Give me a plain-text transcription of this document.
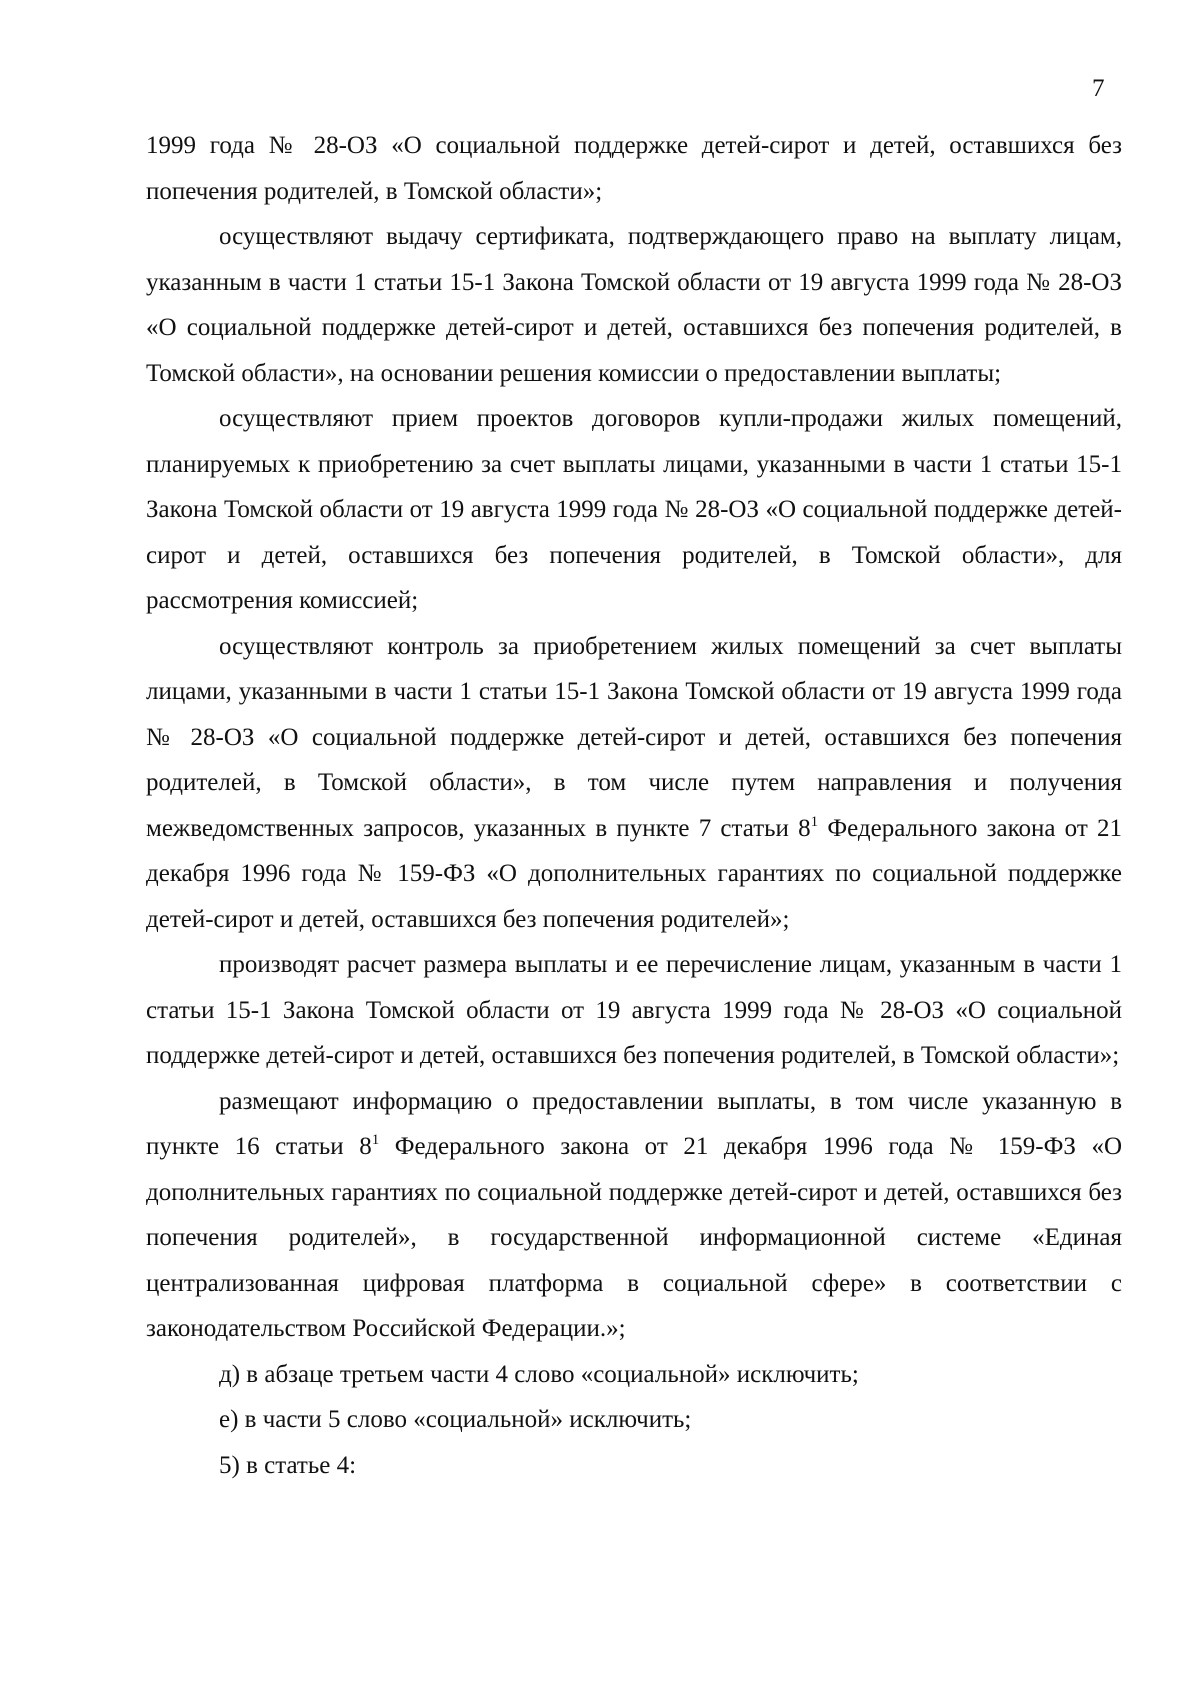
7

1999 года № 28-ОЗ «О социальной поддержке детей-сирот и детей, оставшихся без попечения родителей, в Томской области»;

осуществляют выдачу сертификата, подтверждающего право на выплату лицам, указанным в части 1 статьи 15-1 Закона Томской области от 19 августа 1999 года № 28-ОЗ «О социальной поддержке детей-сирот и детей, оставшихся без попечения родителей, в Томской области», на основании решения комиссии о предоставлении выплаты;

осуществляют прием проектов договоров купли-продажи жилых помещений, планируемых к приобретению за счет выплаты лицами, указанными в части 1 статьи 15-1 Закона Томской области от 19 августа 1999 года № 28-ОЗ «О социальной поддержке детей-сирот и детей, оставшихся без попечения родителей, в Томской области», для рассмотрения комиссией;

осуществляют контроль за приобретением жилых помещений за счет выплаты лицами, указанными в части 1 статьи 15-1 Закона Томской области от 19 августа 1999 года № 28-ОЗ «О социальной поддержке детей-сирот и детей, оставшихся без попечения родителей, в Томской области», в том числе путем направления и получения межведомственных запросов, указанных в пункте 7 статьи $8^1$ Федерального закона от 21 декабря 1996 года № 159-ФЗ «О дополнительных гарантиях по социальной поддержке детей-сирот и детей, оставшихся без попечения родителей»;

производят расчет размера выплаты и ее перечисление лицам, указанным в части 1 статьи 15-1 Закона Томской области от 19 августа 1999 года № 28-ОЗ «О социальной поддержке детей-сирот и детей, оставшихся без попечения родителей, в Томской области»;

размещают информацию о предоставлении выплаты, в том числе указанную в пункте 16 статьи $8^1$ Федерального закона от 21 декабря 1996 года № 159-ФЗ «О дополнительных гарантиях по социальной поддержке детей-сирот и детей, оставшихся без попечения родителей», в государственной информационной системе «Единая централизованная цифровая платформа в социальной сфере» в соответствии с законодательством Российской Федерации.»;

д) в абзаце третьем части 4 слово «социальной» исключить;

е) в части 5 слово «социальной» исключить;

5) в статье 4:
